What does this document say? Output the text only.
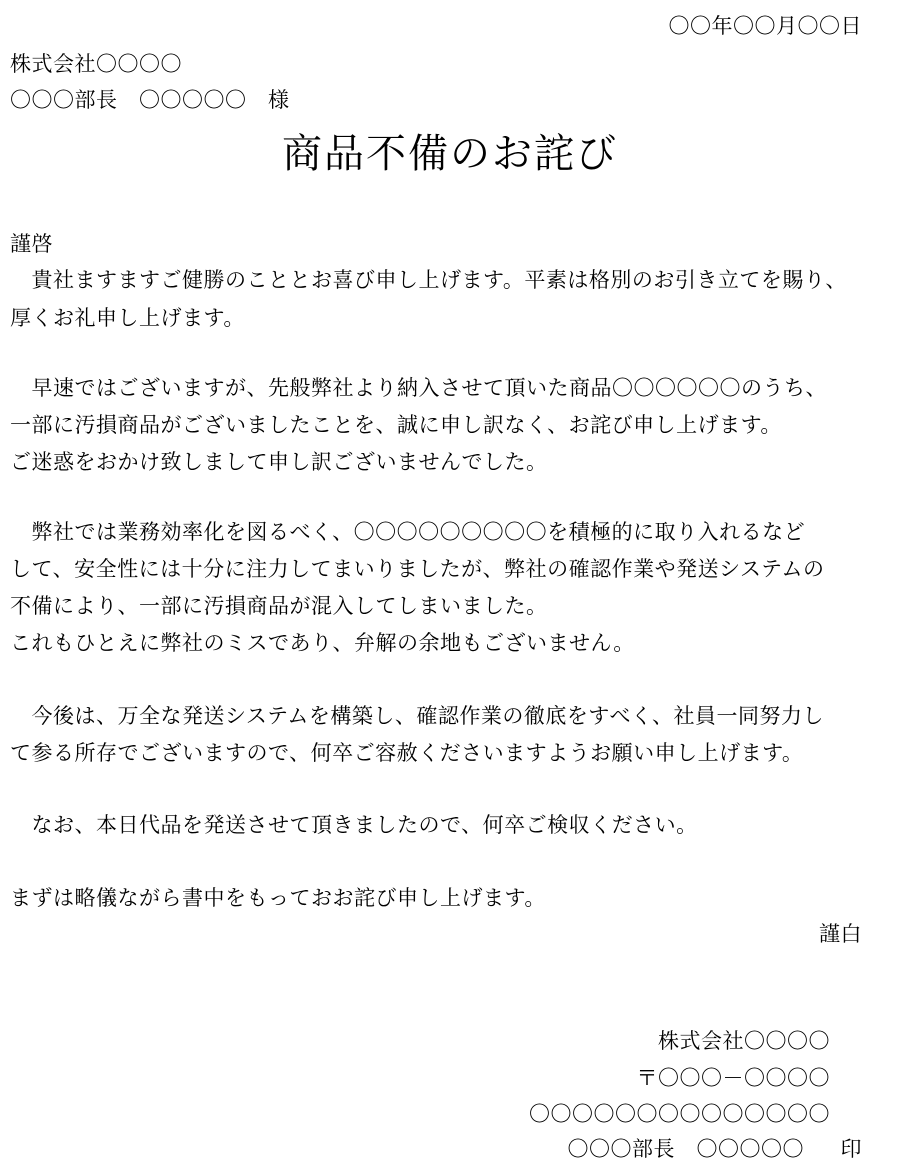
〇〇年〇〇月〇〇日
株式会社〇〇〇〇
〇〇〇部長　〇〇〇〇〇　様
商品不備のお詫び
謹啓
　貴社ますますご健勝のこととお喜び申し上げます。平素は格別のお引き立てを賜り、
厚くお礼申し上げます。
　早速ではございますが、先般弊社より納入させて頂いた商品〇〇〇〇〇〇のうち、
一部に汚損商品がございましたことを、誠に申し訳なく、お詫び申し上げます。
ご迷惑をおかけ致しまして申し訳ございませんでした。
　弊社では業務効率化を図るべく、〇〇〇〇〇〇〇〇〇を積極的に取り入れるなど
して、安全性には十分に注力してまいりましたが、弊社の確認作業や発送システムの
不備により、一部に汚損商品が混入してしまいました。
これもひとえに弊社のミスであり、弁解の余地もございません。
　今後は、万全な発送システムを構築し、確認作業の徹底をすべく、社員一同努力し
て参る所存でございますので、何卒ご容赦くださいますようお願い申し上げます。
　なお、本日代品を発送させて頂きましたので、何卒ご検収ください。
まずは略儀ながら書中をもっておお詫び申し上げます。
謹白
株式会社〇〇〇〇
〒〇〇〇－〇〇〇〇
〇〇〇〇〇〇〇〇〇〇〇〇〇〇
〇〇〇部長　〇〇〇〇〇 印
